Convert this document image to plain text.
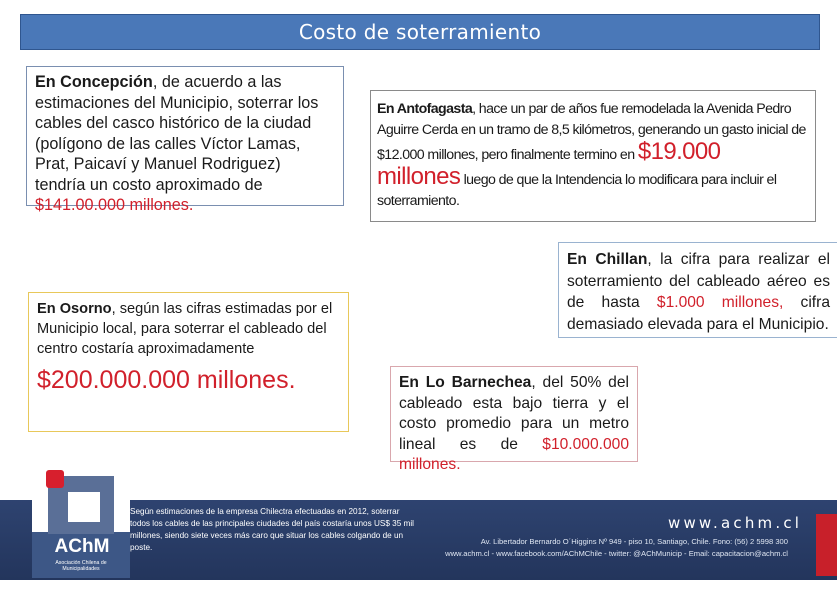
Costo de soterramiento
En Concepción, de acuerdo a las estimaciones del Municipio, soterrar los cables del casco histórico de la ciudad (polígono de las calles Víctor Lamas, Prat, Paicaví y Manuel Rodriguez) tendría un costo aproximado de $141.00.000 millones.
En Antofagasta, hace un par de años fue remodelada la Avenida Pedro Aguirre Cerda en un tramo de 8,5 kilómetros, generando un gasto inicial de $12.000 millones, pero finalmente termino en $19.000 millones luego de que la Intendencia lo modificara para incluir el soterramiento.
En Chillan, la cifra para realizar el soterramiento del cableado aéreo es de hasta $1.000 millones, cifra demasiado elevada para el Municipio.
En Osorno, según las cifras estimadas por el Municipio local, para soterrar el cableado del centro costaría aproximadamente
$200.000.000 millones.	En Lo Barnechea, del 50% del cableado esta bajo tierra y el costo promedio para un metro lineal es de $10.000.000 millones.
Según estimaciones de la empresa Chilectra efectuadas en 2012, soterrar todos los cables de las principales ciudades del país costaría unos US$ 35 mil millones, siendo siete veces más caro que situar los cables colgando de un poste.
www.achm.cl
Av. Libertador Bernardo O´Higgins Nº 949 - piso 10, Santiago, Chile. Fono: (56) 2 5998 300
www.achm.cl - www.facebook.com/AChMChile - twitter: @AChMunicip - Email: capacitacion@achm.cl
AChM
Asociación Chilena de Municipalidades
